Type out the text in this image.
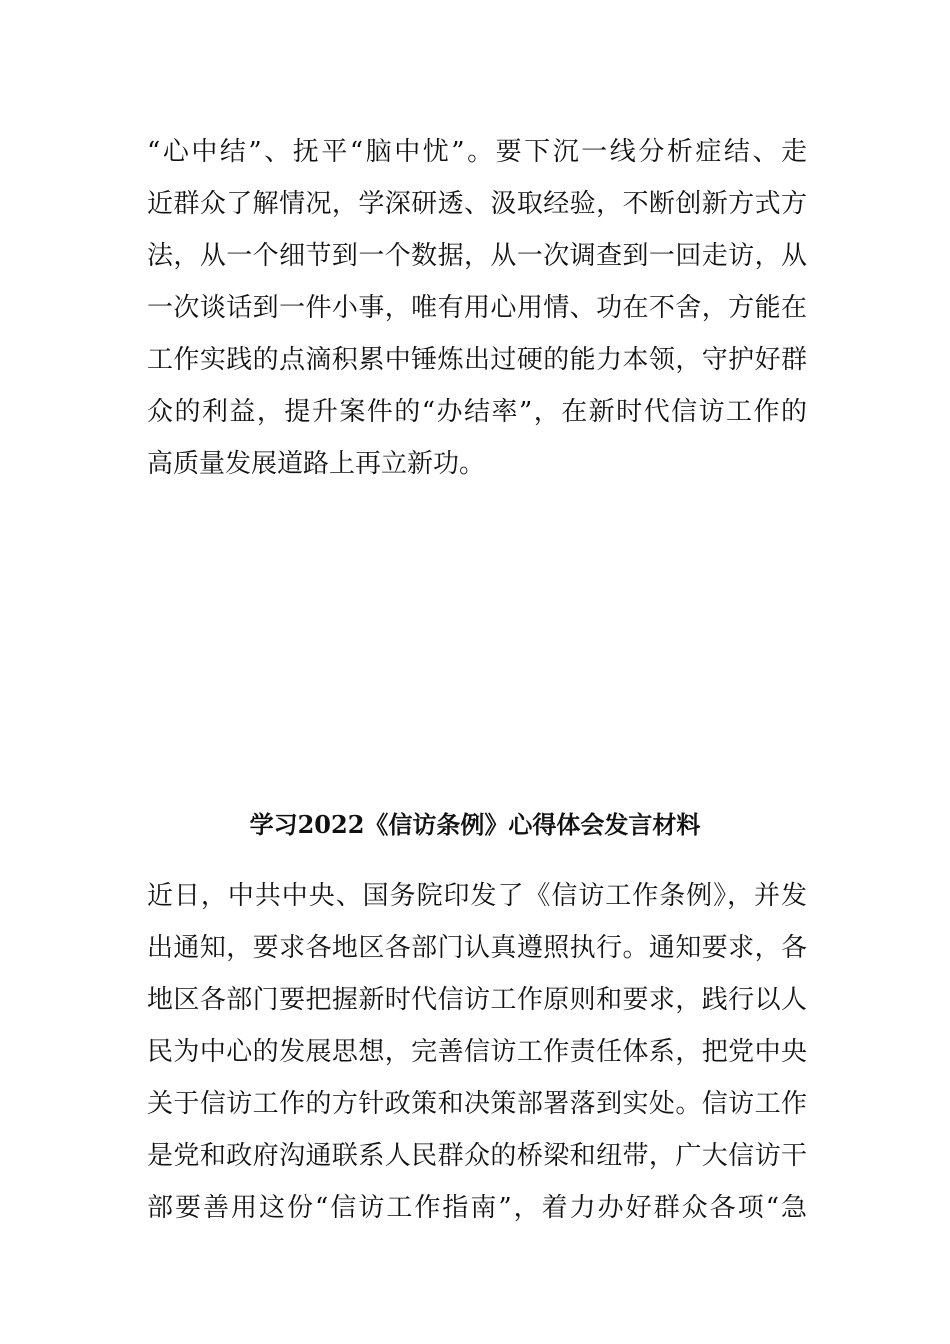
“心中结”、抚平“脑中忧”。要下沉一线分析症结、走
近群众了解情况，学深研透、汲取经验，不断创新方式方
法，从一个细节到一个数据，从一次调查到一回走访，从
一次谈话到一件小事，唯有用心用情、功在不舍，方能在
工作实践的点滴积累中锤炼出过硬的能力本领，守护好群
众的利益，提升案件的“办结率”，在新时代信访工作的
高质量发展道路上再立新功。
学习2022《信访条例》心得体会发言材料
近日，中共中央、国务院印发了《信访工作条例》，并发
出通知，要求各地区各部门认真遵照执行。通知要求，各
地区各部门要把握新时代信访工作原则和要求，践行以人
民为中心的发展思想，完善信访工作责任体系，把党中央
关于信访工作的方针政策和决策部署落到实处。信访工作
是党和政府沟通联系人民群众的桥梁和纽带，广大信访干
部要善用这份“信访工作指南”，着力办好群众各项“急
